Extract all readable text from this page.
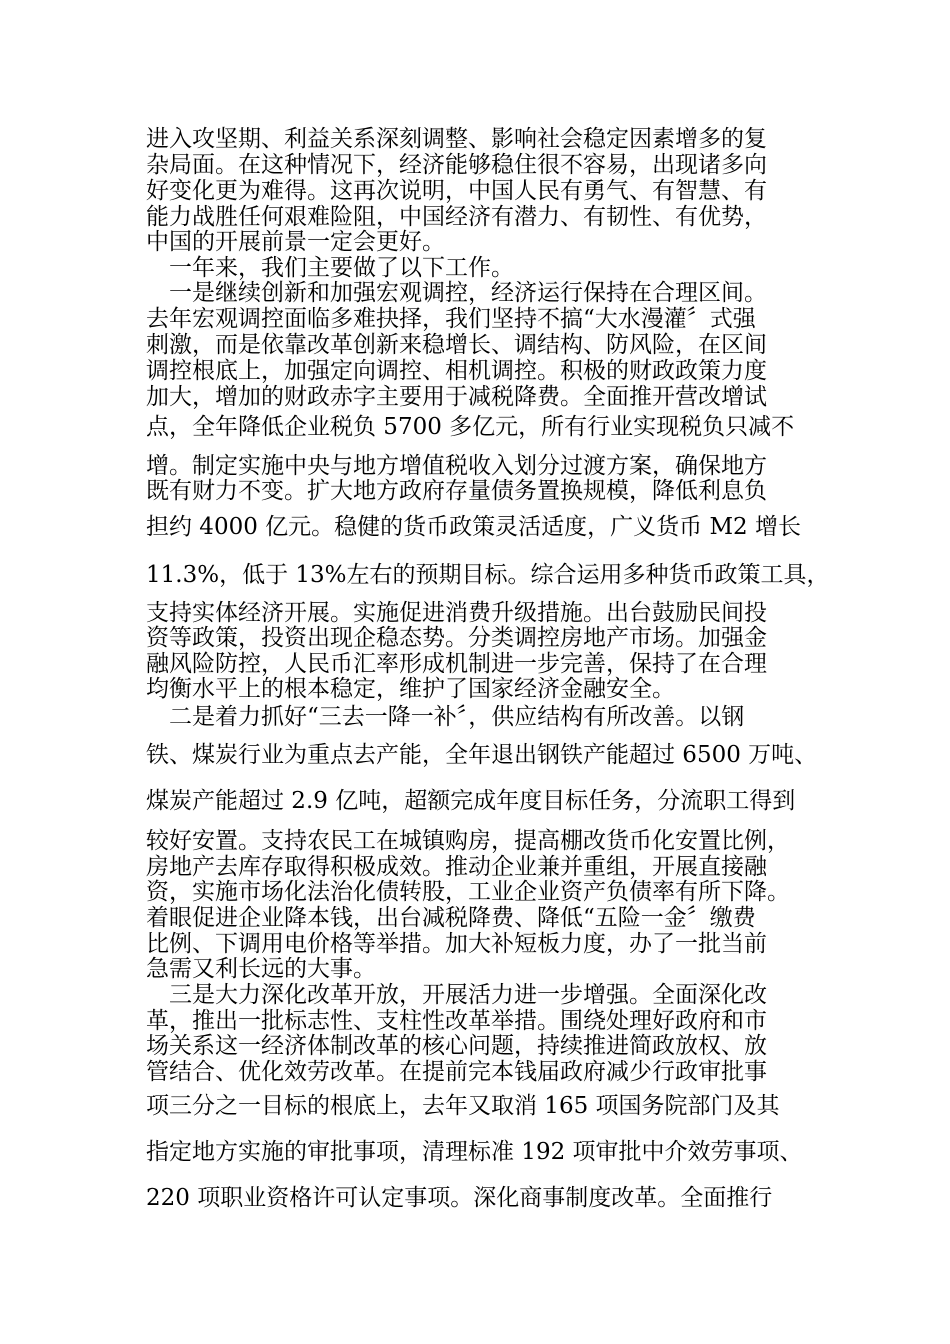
进入攻坚期、利益关系深刻调整、影响社会稳定因素增多的复

杂局面。在这种情况下，经济能够稳住很不容易，出现诸多向

好变化更为难得。这再次说明，中国人民有勇气、有智慧、有

能力战胜任何艰难险阻，中国经济有潜力、有韧性、有优势，

中国的开展前景一定会更好。

　一年来，我们主要做了以下工作。

　一是继续创新和加强宏观调控，经济运行保持在合理区间。

去年宏观调控面临多难抉择，我们坚持不搞“大水漫灌〞式强

刺激，而是依靠改革创新来稳增长、调结构、防风险，在区间

调控根底上，加强定向调控、相机调控。积极的财政政策力度

加大，增加的财政赤字主要用于减税降费。全面推开营改增试

点，全年降低企业税负 5700 多亿元，所有行业实现税负只减不

增。制定实施中央与地方增值税收入划分过渡方案，确保地方

既有财力不变。扩大地方政府存量债务置换规模，降低利息负

担约 4000 亿元。稳健的货币政策灵活适度，广义货币 M2 增长

11.3%，低于 13%左右的预期目标。综合运用多种货币政策工具，

支持实体经济开展。实施促进消费升级措施。出台鼓励民间投

资等政策，投资出现企稳态势。分类调控房地产市场。加强金

融风险防控，人民币汇率形成机制进一步完善，保持了在合理

均衡水平上的根本稳定，维护了国家经济金融安全。

　二是着力抓好“三去一降一补〞，供应结构有所改善。以钢

铁、煤炭行业为重点去产能，全年退出钢铁产能超过 6500 万吨、

煤炭产能超过 2.9 亿吨，超额完成年度目标任务，分流职工得到

较好安置。支持农民工在城镇购房，提高棚改货币化安置比例，

房地产去库存取得积极成效。推动企业兼并重组，开展直接融

资，实施市场化法治化债转股，工业企业资产负债率有所下降。

着眼促进企业降本钱，出台减税降费、降低“五险一金〞缴费

比例、下调用电价格等举措。加大补短板力度，办了一批当前

急需又利长远的大事。

　三是大力深化改革开放，开展活力进一步增强。全面深化改

革，推出一批标志性、支柱性改革举措。围绕处理好政府和市

场关系这一经济体制改革的核心问题，持续推进简政放权、放

管结合、优化效劳改革。在提前完本钱届政府减少行政审批事

项三分之一目标的根底上，去年又取消 165 项国务院部门及其

指定地方实施的审批事项，清理标准 192 项审批中介效劳事项、

220 项职业资格许可认定事项。深化商事制度改革。全面推行
